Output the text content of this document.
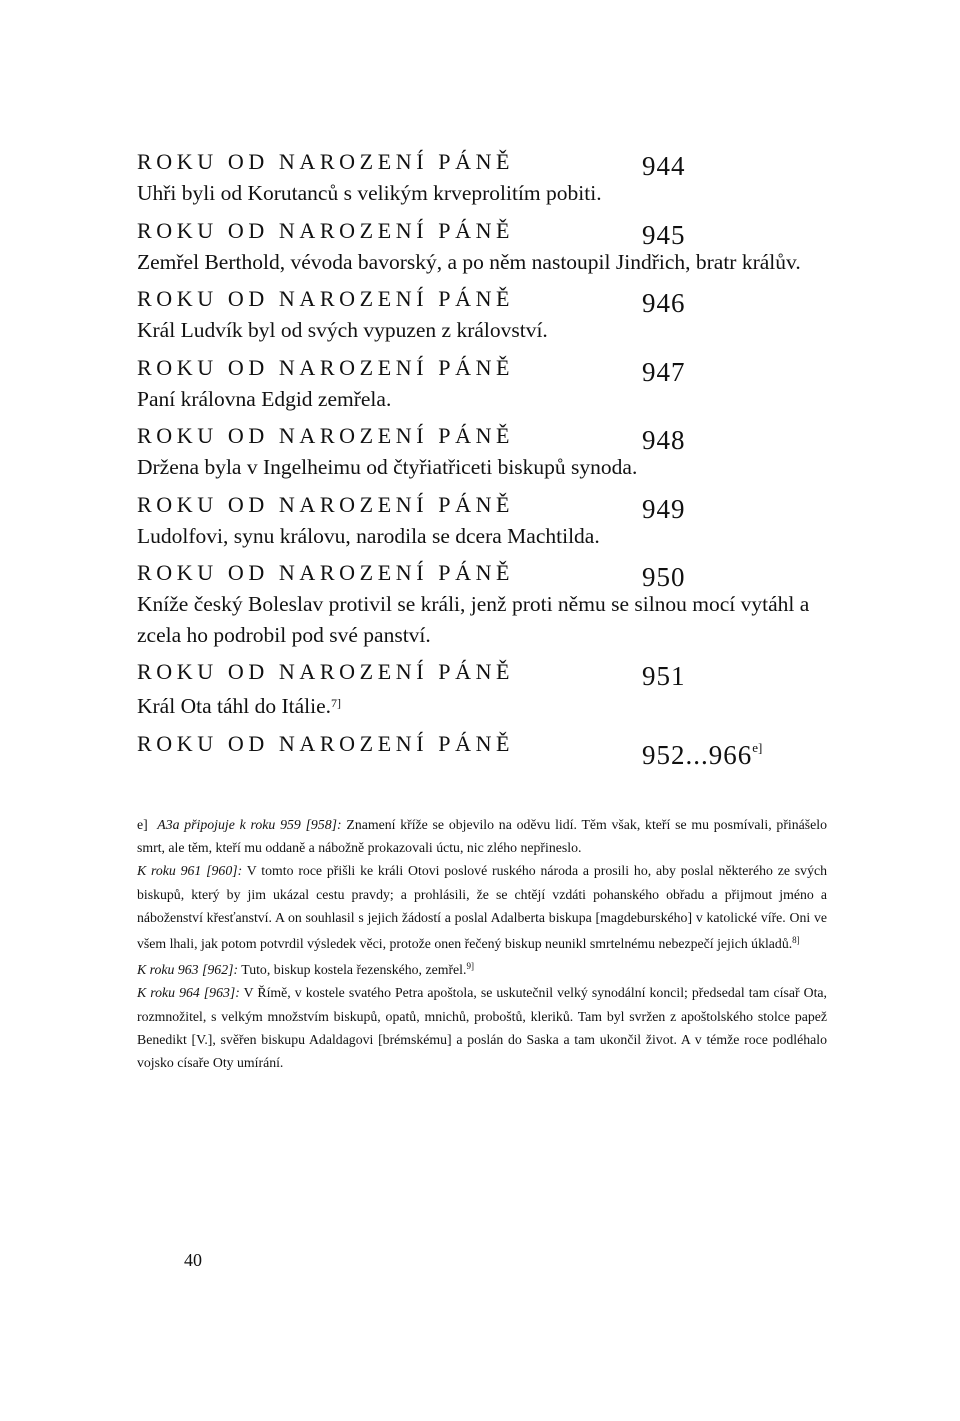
ROKU OD NAROZENÍ PÁNĚ	944

Uhři byli od Korutanců s velikým krveprolitím pobiti.

ROKU OD NAROZENÍ PÁNĚ	945

Zemřel Berthold, vévoda bavorský, a po něm nastoupil Jindřich, bratr králův.

ROKU OD NAROZENÍ PÁNĚ	946

Král Ludvík byl od svých vypuzen z království.

ROKU OD NAROZENÍ PÁNĚ	947

Paní královna Edgid zemřela.

ROKU OD NAROZENÍ PÁNĚ	948

Držena byla v Ingelheimu od čtyřiatřiceti biskupů synoda.

ROKU OD NAROZENÍ PÁNĚ	949

Ludolfovi, synu královu, narodila se dcera Machtilda.

ROKU OD NAROZENÍ PÁNĚ	950

Kníže český Boleslav protivil se králi, jenž proti němu se silnou mocí vytáhl a zcela ho podrobil pod své panství.

ROKU OD NAROZENÍ PÁNĚ	951

Král Ota táhl do Itálie.$^{7]}$

ROKU OD NAROZENÍ PÁNĚ	$952...966^{e]}$

e] A3a připojuje k roku 959 [958]: Znamení kříže se objevilo na oděvu lidí. Těm však, kteří se mu posmívali, přinášelo smrt, ale těm, kteří mu oddaně a nábožně prokazovali úctu, nic zlého nepřineslo.

K roku 961 [960]: V tomto roce přišli ke králi Otovi poslové ruského národa a prosili ho, aby poslal některého ze svých biskupů, který by jim ukázal cestu pravdy; a prohlásili, že se chtějí vzdáti pohanského obřadu a přijmout jméno a náboženství křesťanství. A on souhlasil s jejich žádostí a poslal Adalberta biskupa [magdeburského] v katolické víře. Oni ve všem lhali, jak potom potvrdil výsledek věci, protože onen řečený biskup neunikl smrtelnému nebezpečí jejich úkladů.$^{8]}$

K roku 963 [962]: Tuto, biskup kostela řezenského, zemřel.$^{9]}$

K roku 964 [963]: V Římě, v kostele svatého Petra apoštola, se uskutečnil velký synodální koncil; předsedal tam císař Ota, rozmnožitel, s velkým množstvím biskupů, opatů, mnichů, proboštů, kleriků. Tam byl svržen z apoštolského stolce papež Benedikt [V.], svěřen biskupu Adaldagovi [brémskému] a poslán do Saska a tam ukončil život. A v témže roce podléhalo vojsko císaře Oty umírání.

40
